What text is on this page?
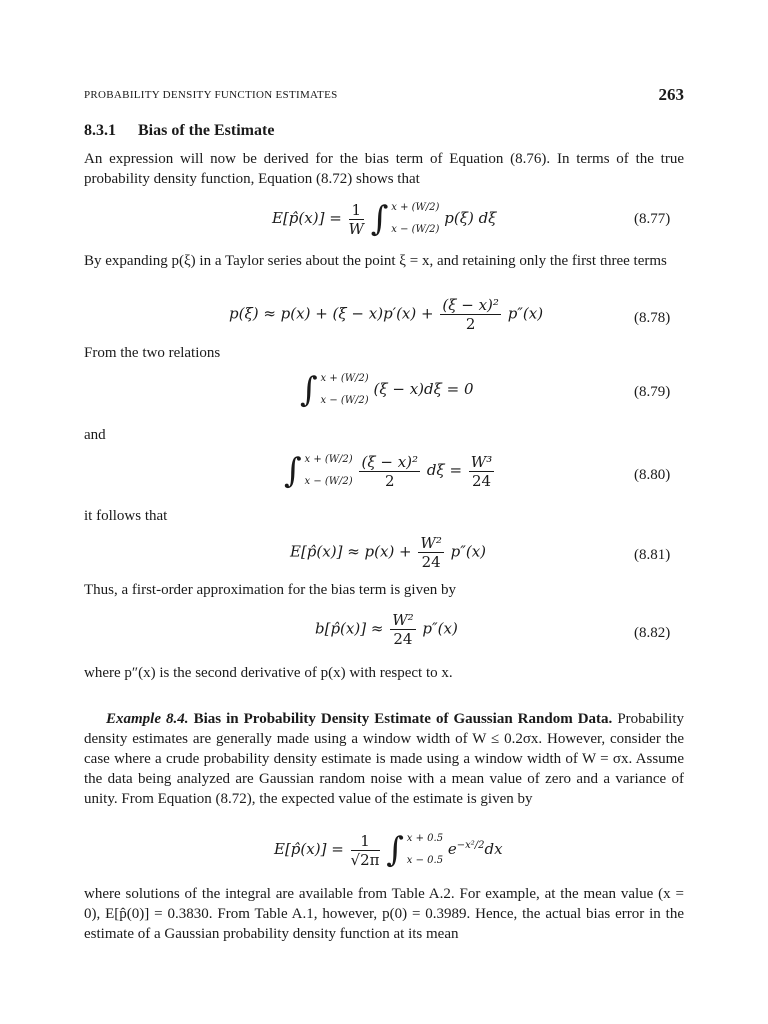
PROBABILITY DENSITY FUNCTION ESTIMATES	263
8.3.1 Bias of the Estimate
An expression will now be derived for the bias term of Equation (8.76). In terms of the true probability density function, Equation (8.72) shows that
E[p̂(x)] = $\frac{1}{W}$ ∫ x + (W/2)
x − (W/2)
p(ξ) dξ	(8.77)
By expanding p(ξ) in a Taylor series about the point ξ = x, and retaining only the first three terms
$p(\xi) \approx p(x) + (\xi - x)p'(x) + \frac{\text{(ξ − x)²}}{2} p''(x)$	(8.78)
From the two relations
∫ x + (W/2)
x − (W/2)
(ξ − x)dξ = 0	(8.79)
and
∫ x + (W/2)
x − (W/2)
$\frac{\text{(ξ − x)²}}{2}$ $d\xi = \frac{\text{W³}}{24}$	(8.80)
it follows that
E[p̂(x)] ≈ $p(x) + \frac{\text{W²}}{24} p''(x)$	(8.81)
Thus, a first-order approximation for the bias term is given by
b[p̂(x)] ≈ $\frac{\text{W²}}{24} p''(x)$	(8.82)
where p″(x) is the second derivative of p(x) with respect to x.
Example 8.4. Bias in Probability Density Estimate of Gaussian Random Data. Probability density estimates are generally made using a window width of W ≤ 0.2σx. However, consider the case where a crude probability density estimate is made using a window width of W = σx. Assume the data being analyzed are Gaussian random noise with a mean value of zero and a variance of unity. From Equation (8.72), the expected value of the estimate is given by
E[p̂(x)] = $\frac{1}{√2\pi}$ ∫ x + 0.5
x − 0.5
$e^{-x^2/2}dx$
where solutions of the integral are available from Table A.2. For example, at the mean value (x = 0), E[p̂(0)] = 0.3830. From Table A.1, however, p(0) = 0.3989. Hence, the actual bias error in the estimate of a Gaussian probability density function at its mean
